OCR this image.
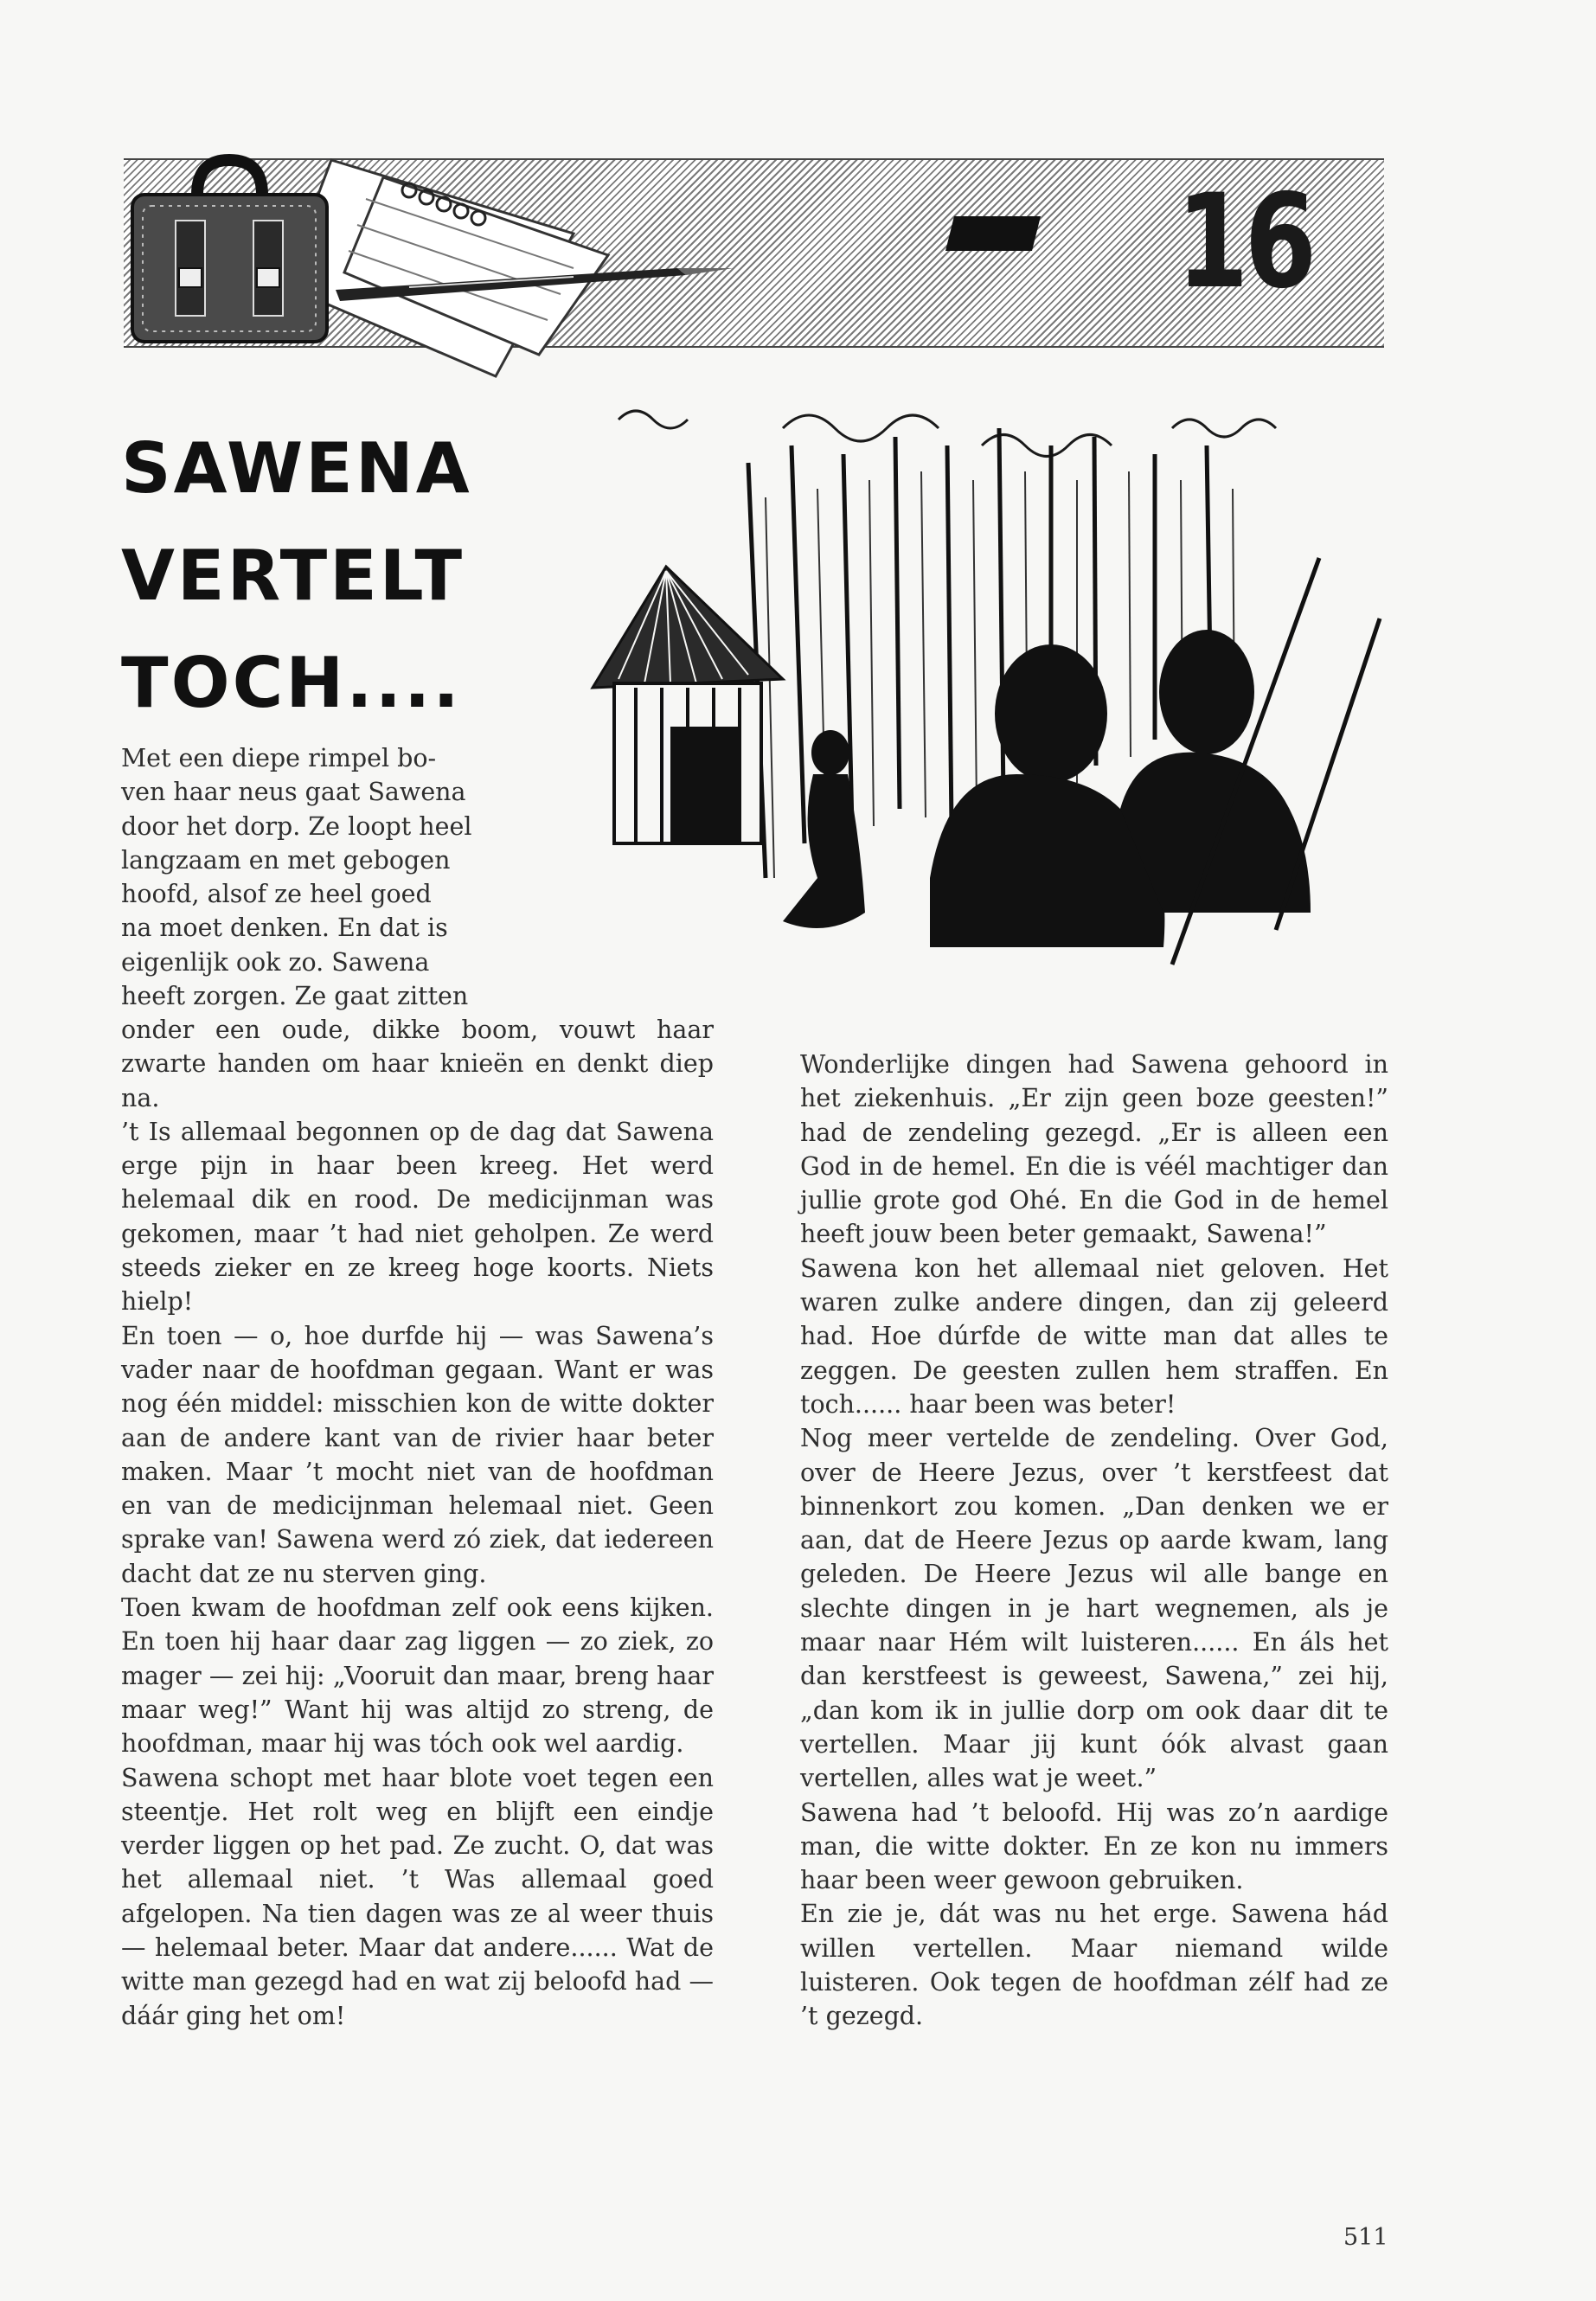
16
SAWENA
VERTELT
TOCH....

Met een diepe rimpel bo-

ven haar neus gaat Sawena

door het dorp. Ze loopt heel

langzaam en met gebogen

hoofd, alsof ze heel goed

na moet denken. En dat is

eigenlijk ook zo. Sawena

heeft zorgen. Ze gaat zitten

onder een oude, dikke boom, vouwt haar zwarte handen om haar knieën en denkt diep na.

’t Is allemaal begonnen op de dag dat Sawena erge pijn in haar been kreeg. Het werd helemaal dik en rood. De medicijnman was gekomen, maar ’t had niet geholpen. Ze werd steeds zieker en ze kreeg hoge koorts. Niets hielp!

En toen — o, hoe durfde hij — was Sawena’s vader naar de hoofdman gegaan. Want er was nog één middel: misschien kon de witte dokter aan de andere kant van de rivier haar beter maken. Maar ’t mocht niet van de hoofdman en van de medicijnman helemaal niet. Geen sprake van! Sawena werd zó ziek, dat iedereen dacht dat ze nu sterven ging.

Toen kwam de hoofdman zelf ook eens kijken. En toen hij haar daar zag liggen — zo ziek, zo mager — zei hij: „Vooruit dan maar, breng haar maar weg!” Want hij was altijd zo streng, de hoofdman, maar hij was tóch ook wel aardig.

Sawena schopt met haar blote voet tegen een steentje. Het rolt weg en blijft een eindje verder liggen op het pad. Ze zucht. O, dat was het allemaal niet. ’t Was allemaal goed afgelopen. Na tien dagen was ze al weer thuis — helemaal beter. Maar dat andere...... Wat de witte man gezegd had en wat zij beloofd had — dáár ging het om!

Wonderlijke dingen had Sawena gehoord in het ziekenhuis. „Er zijn geen boze geesten!” had de zendeling gezegd. „Er is alleen een God in de hemel. En die is véél machtiger dan jullie grote god Ohé. En die God in de hemel heeft jouw been beter gemaakt, Sawena!”

Sawena kon het allemaal niet geloven. Het waren zulke andere dingen, dan zij geleerd had. Hoe dúrfde de witte man dat alles te zeggen. De geesten zullen hem straffen. En toch...... haar been was beter!

Nog meer vertelde de zendeling. Over God, over de Heere Jezus, over ’t kerstfeest dat binnenkort zou komen. „Dan denken we er aan, dat de Heere Jezus op aarde kwam, lang geleden. De Heere Jezus wil alle bange en slechte dingen in je hart wegnemen, als je maar naar Hém wilt luisteren...... En áls het dan kerstfeest is geweest, Sawena,” zei hij, „dan kom ik in jullie dorp om ook daar dit te vertellen. Maar jij kunt óók alvast gaan vertellen, alles wat je weet.”

Sawena had ’t beloofd. Hij was zo’n aardige man, die witte dokter. En ze kon nu immers haar been weer gewoon gebruiken.

En zie je, dát was nu het erge. Sawena hád willen vertellen. Maar niemand wilde luisteren. Ook tegen de hoofdman zélf had ze ’t gezegd.

511
